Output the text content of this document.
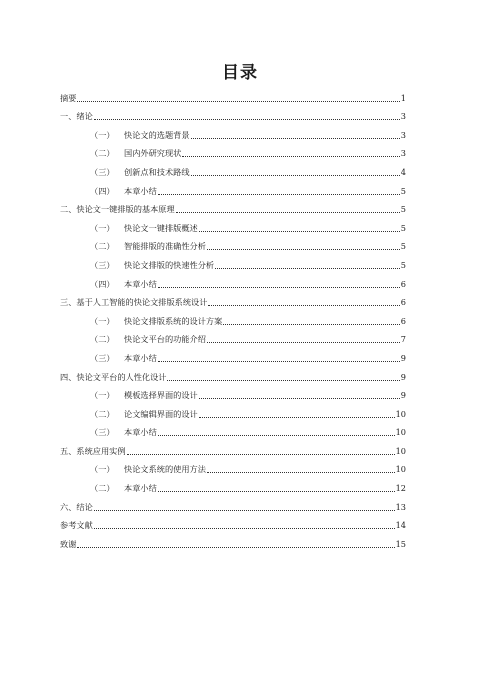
目录
摘要	1
一、 绪论	3
（一）	快论文的选题背景	3
（二）	国内外研究现状	3
（三）	创新点和技术路线	4
（四）	本章小结	5
二、 快论文一键排版的基本原理	5
（一）	快论文一键排版概述	5
（二）	智能排版的准确性分析	5
（三）	快论文排版的快速性分析	5
（四）	本章小结	6
三、 基于人工智能的快论文排版系统设计	6
（一）	快论文排版系统的设计方案	6
（二）	快论文平台的功能介绍	7
（三）	本章小结	9
四、 快论文平台的人性化设计	9
（一）	模板选择界面的设计	9
（二）	论文编辑界面的设计	10
（三）	本章小结	10
五、 系统应用实例	10
（一）	快论文系统的使用方法	10
（二）	本章小结	12
六、 结论	13
参考文献	14
致谢	15
